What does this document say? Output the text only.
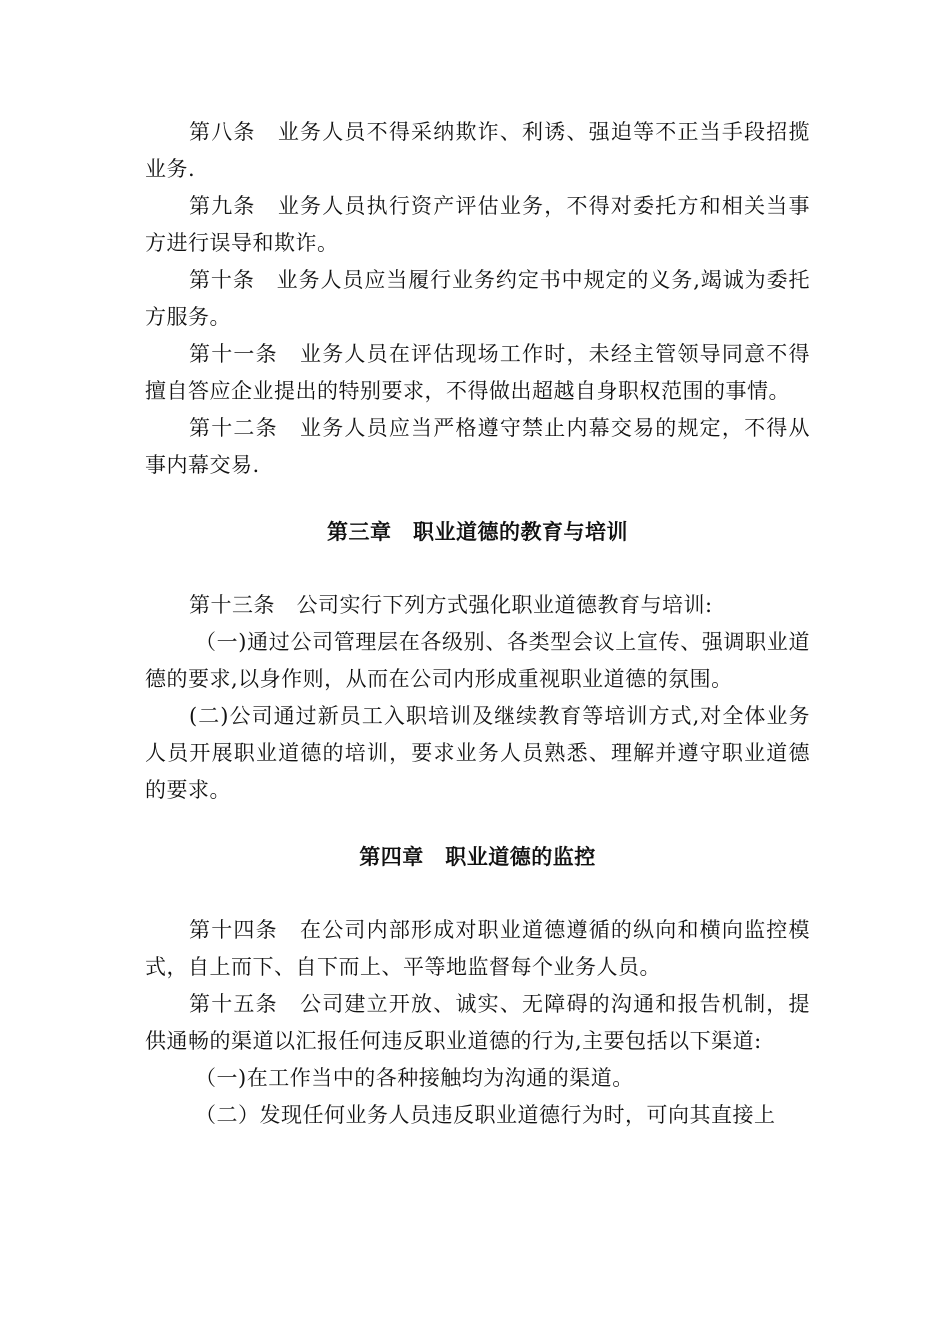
第八条　业务人员不得采纳欺诈、利诱、强迫等不正当手段招揽业务.

第九条　业务人员执行资产评估业务，不得对委托方和相关当事方进行误导和欺诈。

第十条　业务人员应当履行业务约定书中规定的义务,竭诚为委托方服务。

第十一条　业务人员在评估现场工作时，未经主管领导同意不得擅自答应企业提出的特别要求，不得做出超越自身职权范围的事情。

第十二条　业务人员应当严格遵守禁止内幕交易的规定，不得从事内幕交易.

第三章　职业道德的教育与培训

第十三条　公司实行下列方式强化职业道德教育与培训:

（一)通过公司管理层在各级别、各类型会议上宣传、强调职业道德的要求,以身作则，从而在公司内形成重视职业道德的氛围。

(二)公司通过新员工入职培训及继续教育等培训方式,对全体业务人员开展职业道德的培训，要求业务人员熟悉、理解并遵守职业道德的要求。

第四章　职业道德的监控

第十四条　在公司内部形成对职业道德遵循的纵向和横向监控模式，自上而下、自下而上、平等地监督每个业务人员。

第十五条　公司建立开放、诚实、无障碍的沟通和报告机制，提供通畅的渠道以汇报任何违反职业道德的行为,主要包括以下渠道:

（一)在工作当中的各种接触均为沟通的渠道。

（二）发现任何业务人员违反职业道德行为时，可向其直接上
